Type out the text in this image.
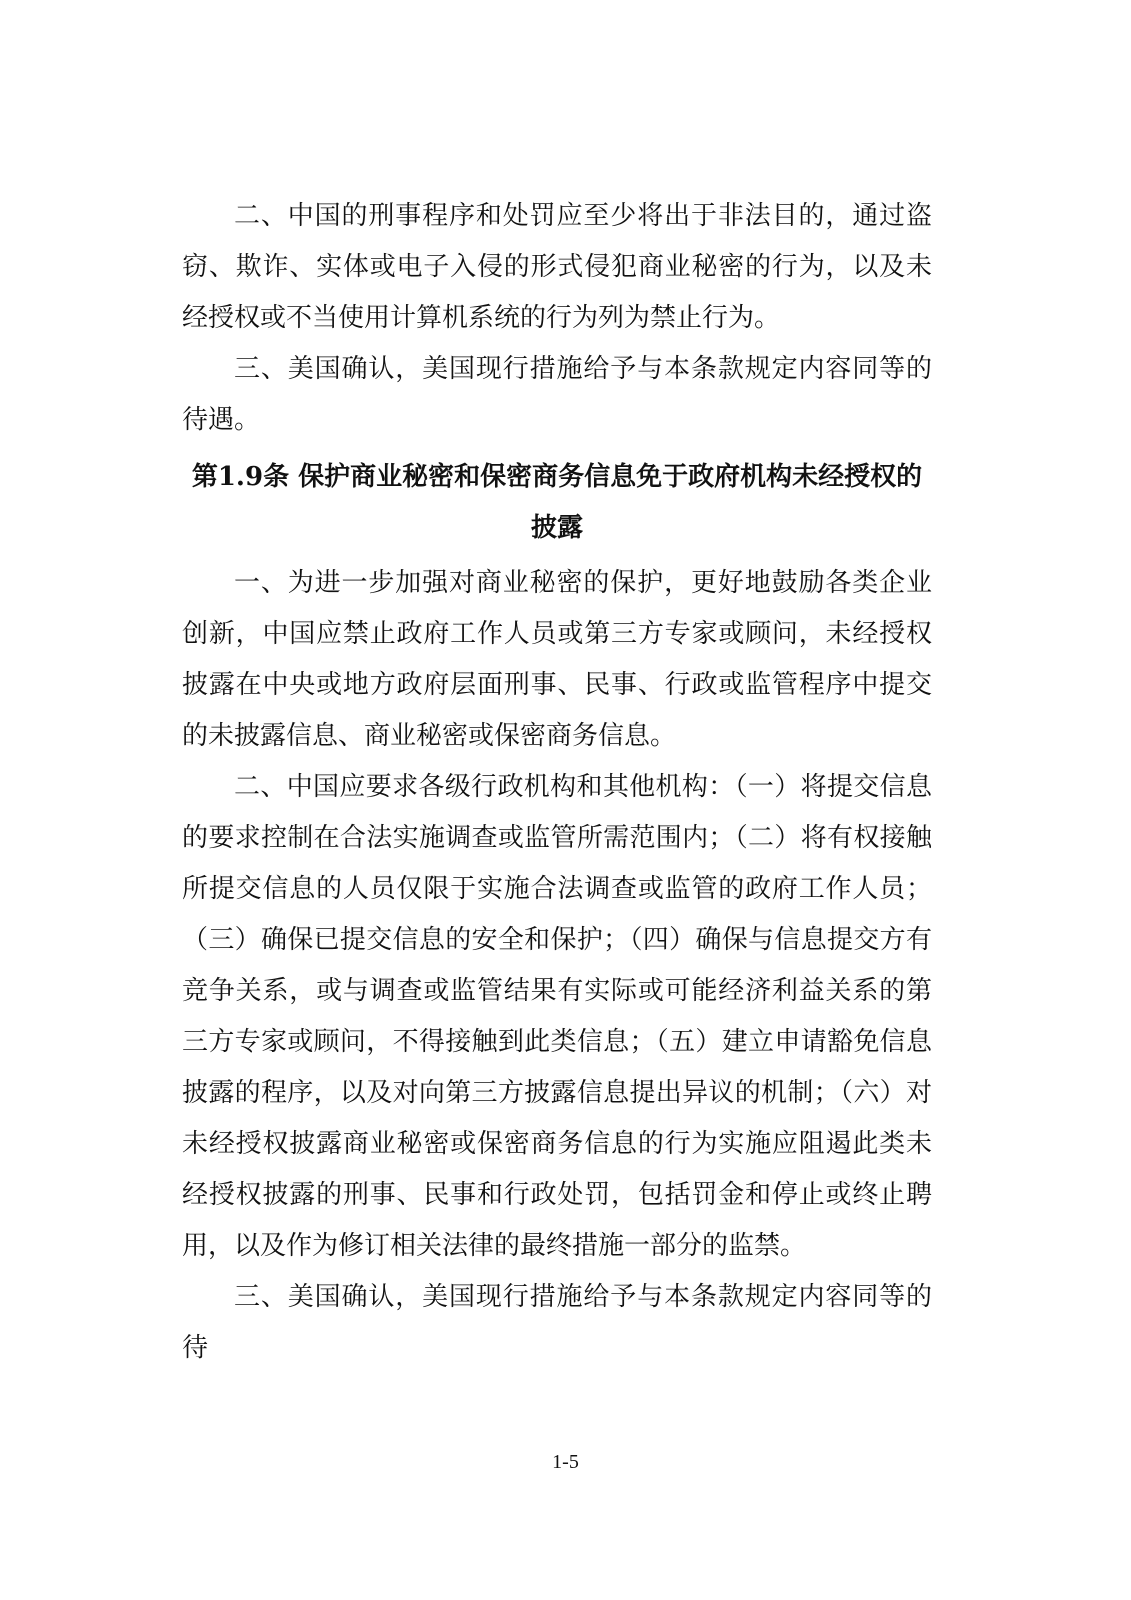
二、中国的刑事程序和处罚应至少将出于非法目的，通过盗窃、欺诈、实体或电子入侵的形式侵犯商业秘密的行为，以及未经授权或不当使用计算机系统的行为列为禁止行为。

三、美国确认，美国现行措施给予与本条款规定内容同等的待遇。

第1.9条 保护商业秘密和保密商务信息免于政府机构未经授权的披露

一、为进一步加强对商业秘密的保护，更好地鼓励各类企业创新，中国应禁止政府工作人员或第三方专家或顾问，未经授权披露在中央或地方政府层面刑事、民事、行政或监管程序中提交的未披露信息、商业秘密或保密商务信息。

二、中国应要求各级行政机构和其他机构：（一）将提交信息的要求控制在合法实施调查或监管所需范围内；（二）将有权接触所提交信息的人员仅限于实施合法调查或监管的政府工作人员；（三）确保已提交信息的安全和保护；（四）确保与信息提交方有竞争关系，或与调查或监管结果有实际或可能经济利益关系的第三方专家或顾问，不得接触到此类信息；（五）建立申请豁免信息披露的程序，以及对向第三方披露信息提出异议的机制；（六）对未经授权披露商业秘密或保密商务信息的行为实施应阻遏此类未经授权披露的刑事、民事和行政处罚，包括罚金和停止或终止聘用，以及作为修订相关法律的最终措施一部分的监禁。

三、美国确认，美国现行措施给予与本条款规定内容同等的待

1-5
